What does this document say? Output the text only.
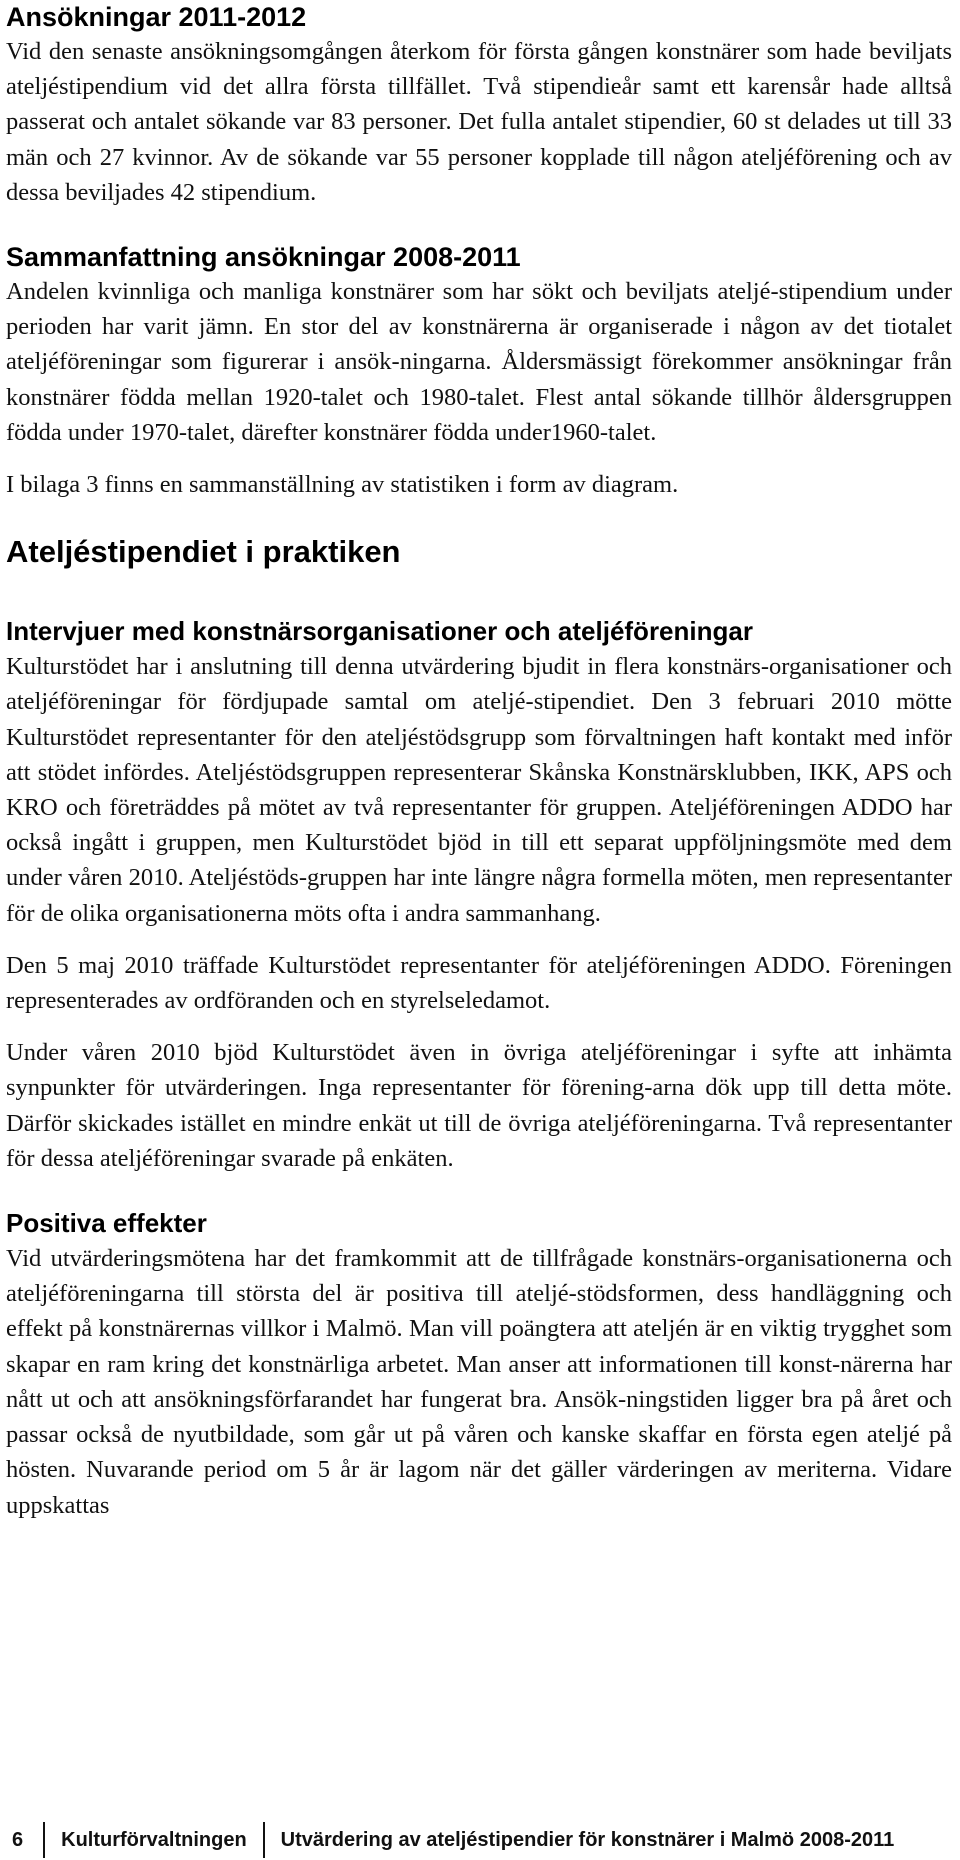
Ansökningar 2011-2012

Vid den senaste ansökningsomgången återkom för första gången konstnärer som hade beviljats ateljéstipendium vid det allra första tillfället. Två stipendieår samt ett karensår hade alltså passerat och antalet sökande var 83 personer. Det fulla antalet stipendier, 60 st delades ut till 33 män och 27 kvinnor. Av de sökande var 55 personer kopplade till någon ateljéförening och av dessa beviljades 42 stipendium.

Sammanfattning ansökningar 2008-2011

Andelen kvinnliga och manliga konstnärer som har sökt och beviljats ateljé-stipendium under perioden har varit jämn. En stor del av konstnärerna är organiserade i någon av det tiotalet ateljéföreningar som figurerar i ansök-ningarna. Åldersmässigt förekommer ansökningar från konstnärer födda mellan 1920-talet och 1980-talet. Flest antal sökande tillhör åldersgruppen födda under 1970-talet, därefter konstnärer födda under1960-talet.

I bilaga 3 finns en sammanställning av statistiken i form av diagram.

Ateljéstipendiet i praktiken
Intervjuer med konstnärsorganisationer och ateljéföreningar

Kulturstödet har i anslutning till denna utvärdering bjudit in flera konstnärs-organisationer och ateljéföreningar för fördjupade samtal om ateljé-stipendiet. Den 3 februari 2010 mötte Kulturstödet representanter för den ateljéstödsgrupp som förvaltningen haft kontakt med inför att stödet infördes. Ateljéstödsgruppen representerar Skånska Konstnärsklubben, IKK, APS och KRO och företräddes på mötet av två representanter för gruppen. Ateljéföreningen ADDO har också ingått i gruppen, men Kulturstödet bjöd in till ett separat uppföljningsmöte med dem under våren 2010. Ateljéstöds-gruppen har inte längre några formella möten, men representanter för de olika organisationerna möts ofta i andra sammanhang.

Den 5 maj 2010 träffade Kulturstödet representanter för ateljéföreningen ADDO. Föreningen representerades av ordföranden och en styrelseledamot.

Under våren 2010 bjöd Kulturstödet även in övriga ateljéföreningar i syfte att inhämta synpunkter för utvärderingen. Inga representanter för förening-arna dök upp till detta möte. Därför skickades istället en mindre enkät ut till de övriga ateljéföreningarna. Två representanter för dessa ateljéföreningar svarade på enkäten.

Positiva effekter

Vid utvärderingsmötena har det framkommit att de tillfrågade konstnärs-organisationerna och ateljéföreningarna till största del är positiva till ateljé-stödsformen, dess handläggning och effekt på konstnärernas villkor i Malmö. Man vill poängtera att ateljén är en viktig trygghet som skapar en ram kring det konstnärliga arbetet. Man anser att informationen till konst-närerna har nått ut och att ansökningsförfarandet har fungerat bra. Ansök-ningstiden ligger bra på året och passar också de nyutbildade, som går ut på våren och kanske skaffar en första egen ateljé på hösten. Nuvarande period om 5 år är lagom när det gäller värderingen av meriterna. Vidare uppskattas

6 Kulturförvaltningen Utvärdering av ateljéstipendier för konstnärer i Malmö 2008-2011
